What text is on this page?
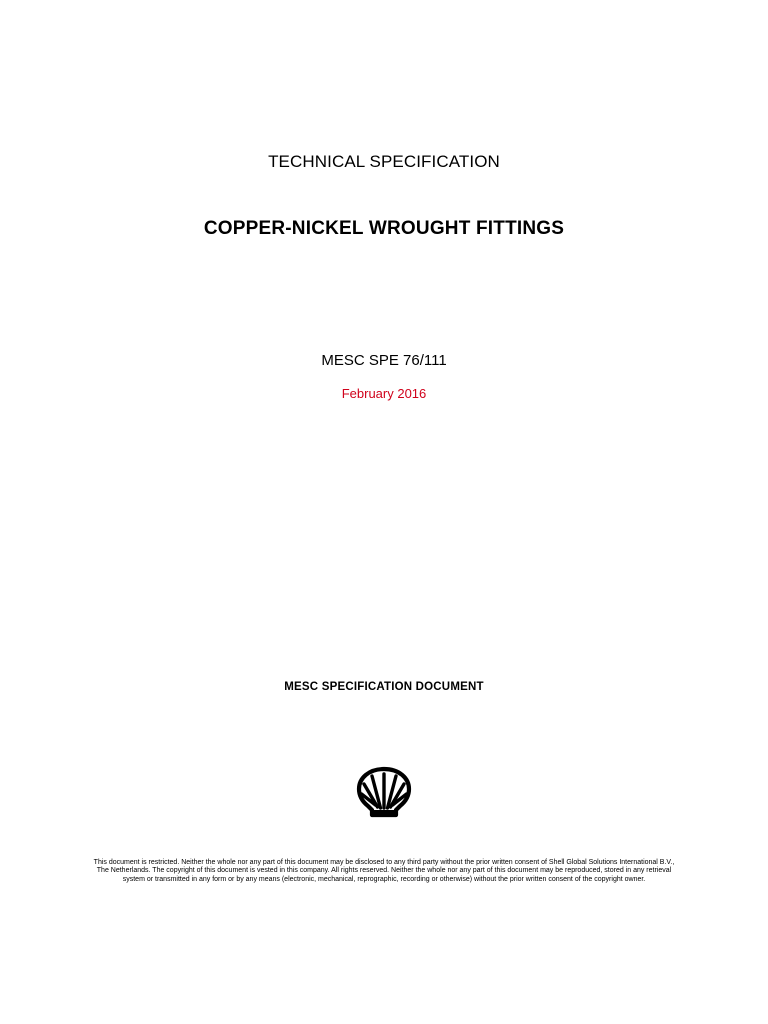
TECHNICAL SPECIFICATION

COPPER-NICKEL WROUGHT FITTINGS

MESC SPE 76/111

February 2016

MESC SPECIFICATION DOCUMENT

This document is restricted. Neither the whole nor any part of this document may be disclosed to any third party without the prior written consent of Shell Global Solutions International B.V., The Netherlands. The copyright of this document is vested in this company. All rights reserved. Neither the whole nor any part of this document may be reproduced, stored in any retrieval system or transmitted in any form or by any means (electronic, mechanical, reprographic, recording or otherwise) without the prior written consent of the copyright owner.
